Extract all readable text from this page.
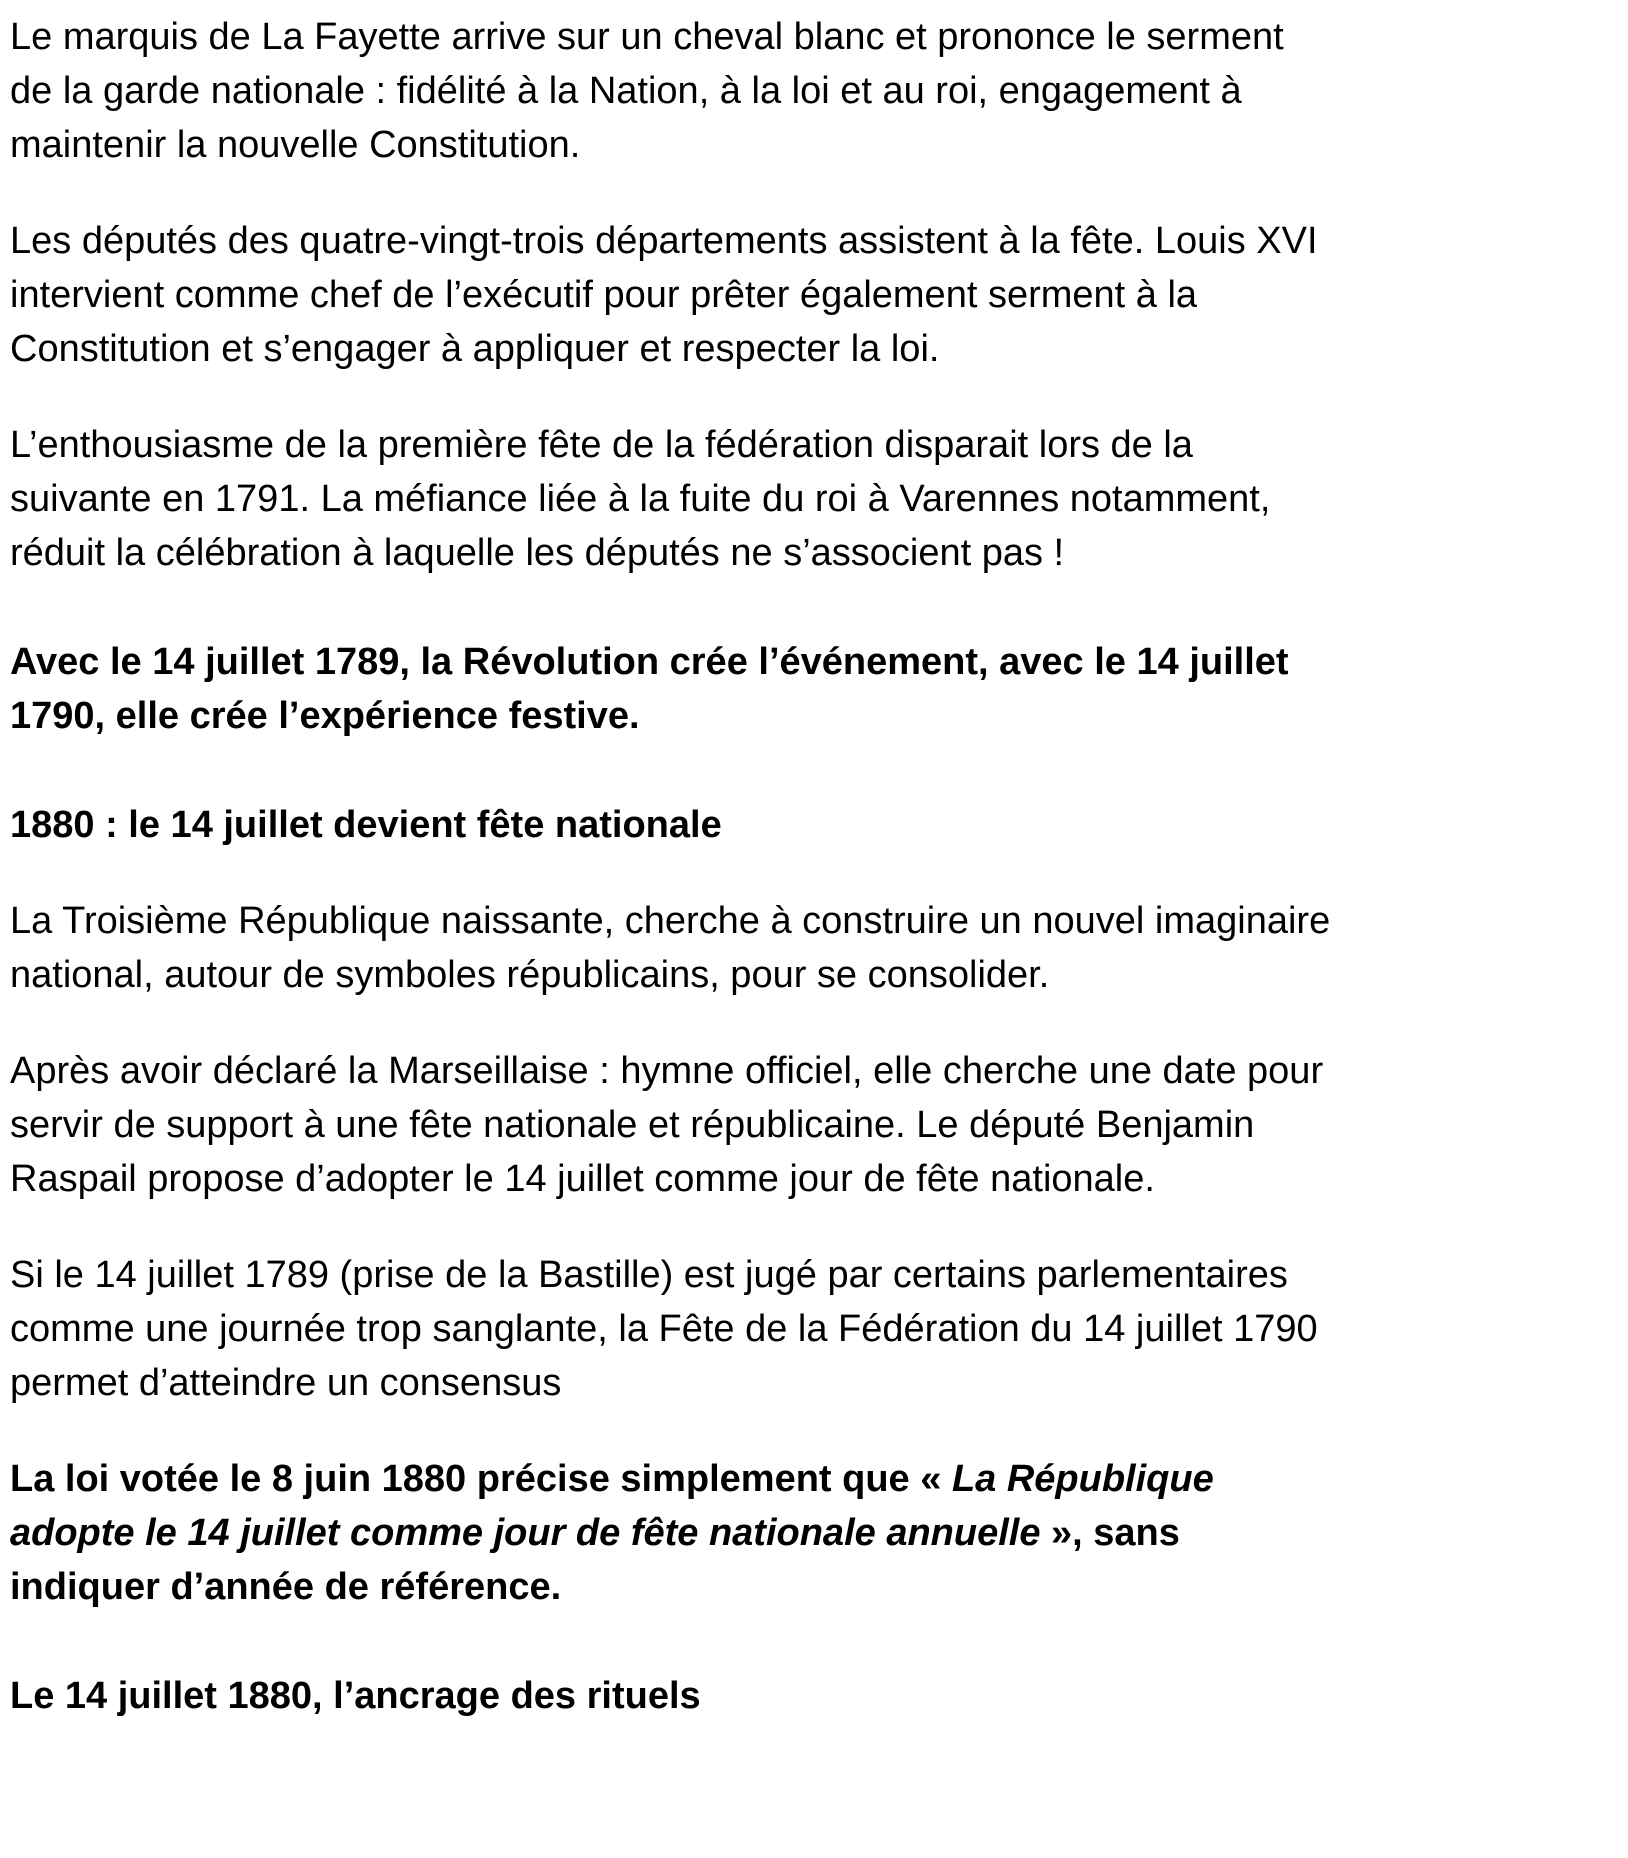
Le marquis de La Fayette arrive sur un cheval blanc et prononce le serment
de la garde nationale : fidélité à la Nation, à la loi et au roi, engagement à
maintenir la nouvelle Constitution.

Les députés des quatre-vingt-trois départements assistent à la fête. Louis XVI
intervient comme chef de l’exécutif pour prêter également serment à la
Constitution et s’engager à appliquer et respecter la loi.

L’enthousiasme de la première fête de la fédération disparait lors de la
suivante en 1791. La méfiance liée à la fuite du roi à Varennes notamment,
réduit la célébration à laquelle les députés ne s’associent pas !

Avec le 14 juillet 1789, la Révolution crée l’événement, avec le 14 juillet
1790, elle crée l’expérience festive.

1880 : le 14 juillet devient fête nationale

La Troisième République naissante, cherche à construire un nouvel imaginaire
national, autour de symboles républicains, pour se consolider.

Après avoir déclaré la Marseillaise : hymne officiel, elle cherche une date pour
servir de support à une fête nationale et républicaine. Le député Benjamin
Raspail propose d’adopter le 14 juillet comme jour de fête nationale.

Si le 14 juillet 1789 (prise de la Bastille) est jugé par certains parlementaires
comme une journée trop sanglante, la Fête de la Fédération du 14 juillet 1790
permet d’atteindre un consensus

La loi votée le 8 juin 1880 précise simplement que « La République
adopte le 14 juillet comme jour de fête nationale annuelle », sans
indiquer d’année de référence.

Le 14 juillet 1880, l’ancrage des rituels
